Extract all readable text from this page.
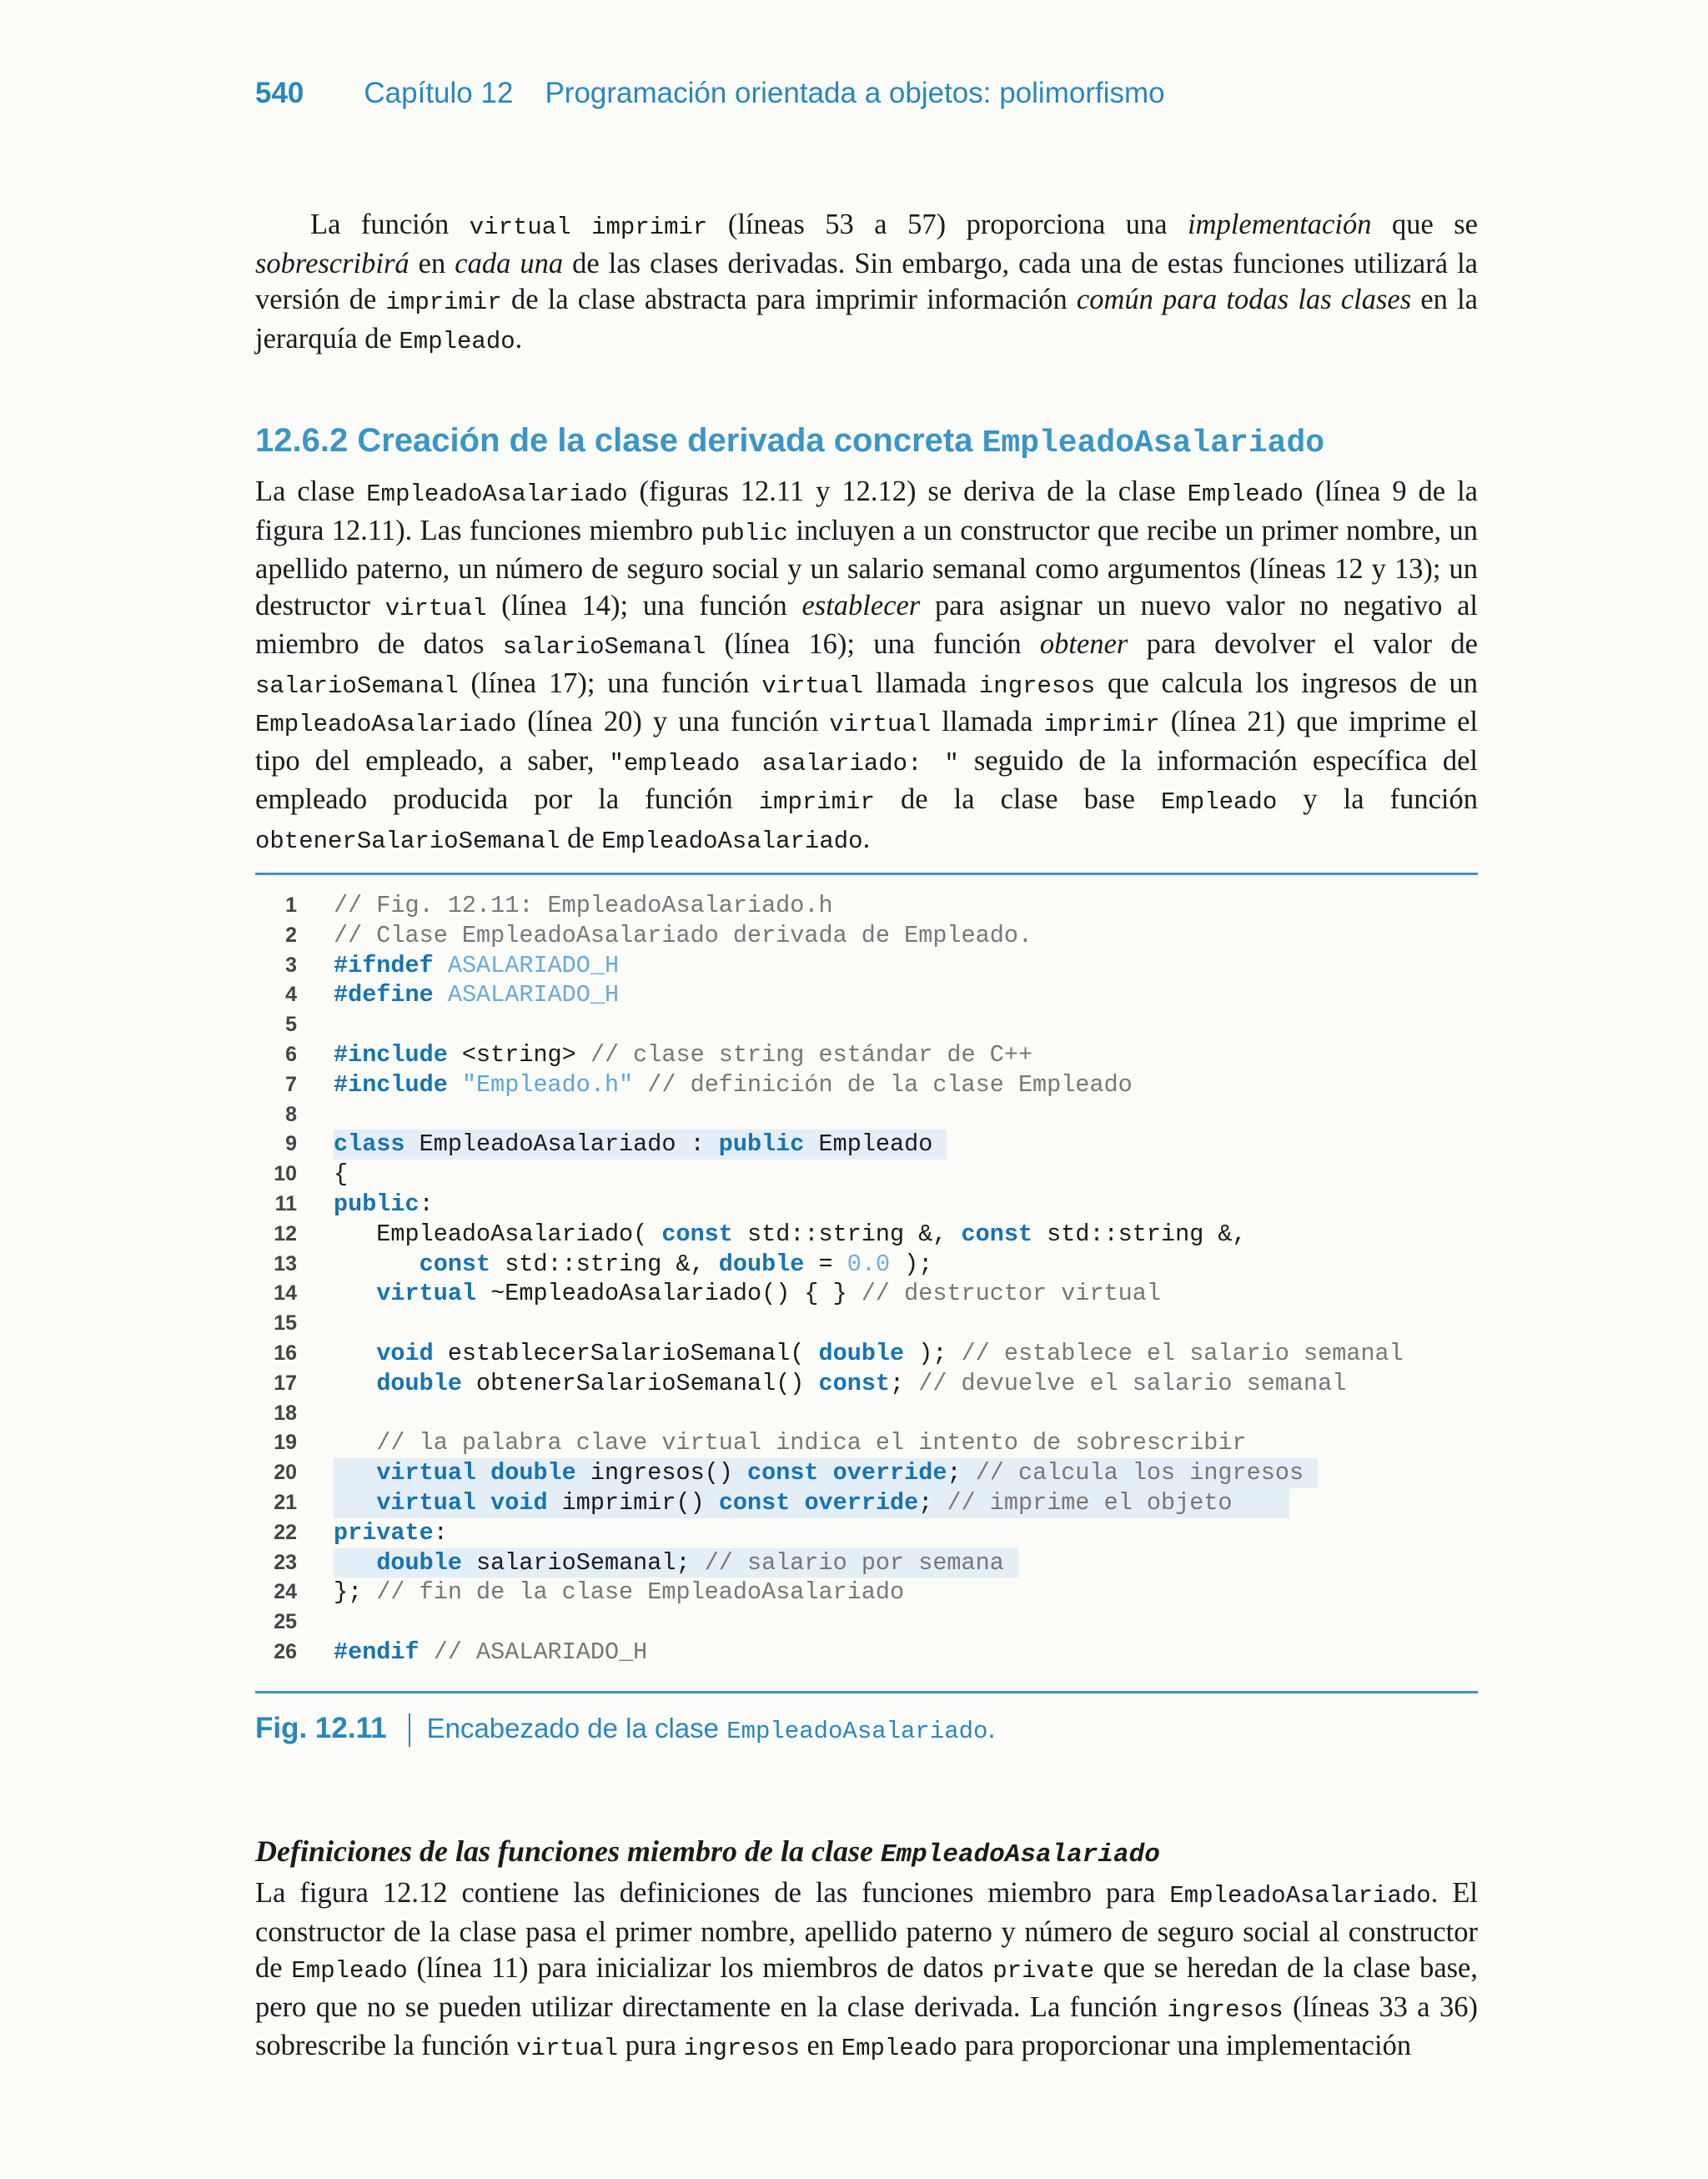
540 Capítulo 12 Programación orientada a objetos: polimorfismo

La función virtual imprimir (líneas 53 a 57) proporciona una implementación que se sobrescribirá en cada una de las clases derivadas. Sin embargo, cada una de estas funciones utilizará la versión de imprimir de la clase abstracta para imprimir información común para todas las clases en la jerarquía de Empleado.

12.6.2 Creación de la clase derivada concreta EmpleadoAsalariado

La clase EmpleadoAsalariado (figuras 12.11 y 12.12) se deriva de la clase Empleado (línea 9 de la figura 12.11). Las funciones miembro public incluyen a un constructor que recibe un primer nombre, un apellido paterno, un número de seguro social y un salario semanal como argumentos (líneas 12 y 13); un destructor virtual (línea 14); una función establecer para asignar un nuevo valor no negativo al miembro de datos salarioSemanal (línea 16); una función obtener para devolver el valor de salarioSemanal (línea 17); una función virtual llamada ingresos que calcula los ingresos de un EmpleadoAsalariado (línea 20) y una función virtual llamada imprimir (línea 21) que imprime el tipo del empleado, a saber, "empleado asalariado: " seguido de la información específica del empleado producida por la función imprimir de la clase base Empleado y la función obtenerSalarioSemanal de EmpleadoAsalariado.

1 // Fig. 12.11: EmpleadoAsalariado.h
2 // Clase EmpleadoAsalariado derivada de Empleado.
3 #ifndef ASALARIADO_H
4 #define ASALARIADO_H
5
6 #include <string> // clase string estándar de C++
7 #include "Empleado.h" // definición de la clase Empleado
8
9 class EmpleadoAsalariado : public Empleado
10 {
11 public:
12 EmpleadoAsalariado( const std::string &, const std::string &,
13	const std::string &, double = 0.0 );
14	virtual ~EmpleadoAsalariado() { } // destructor virtual
15
16	void establecerSalarioSemanal( double ); // establece el salario semanal
17	double obtenerSalarioSemanal() const; // devuelve el salario semanal
18
19	// la palabra clave virtual indica el intento de sobrescribir
20	virtual double ingresos() const override; // calcula los ingresos
21	virtual void imprimir() const override; // imprime el objeto
22 private:
23	double salarioSemanal; // salario por semana
24 }; // fin de la clase EmpleadoAsalariado
25
26 #endif // ASALARIADO_H
Fig. 12.11 Encabezado de la clase EmpleadoAsalariado.
Definiciones de las funciones miembro de la clase EmpleadoAsalariado

La figura 12.12 contiene las definiciones de las funciones miembro para EmpleadoAsalariado. El constructor de la clase pasa el primer nombre, apellido paterno y número de seguro social al constructor de Empleado (línea 11) para inicializar los miembros de datos private que se heredan de la clase base, pero que no se pueden utilizar directamente en la clase derivada. La función ingresos (líneas 33 a 36) sobrescribe la función virtual pura ingresos en Empleado para proporcionar una implementación
